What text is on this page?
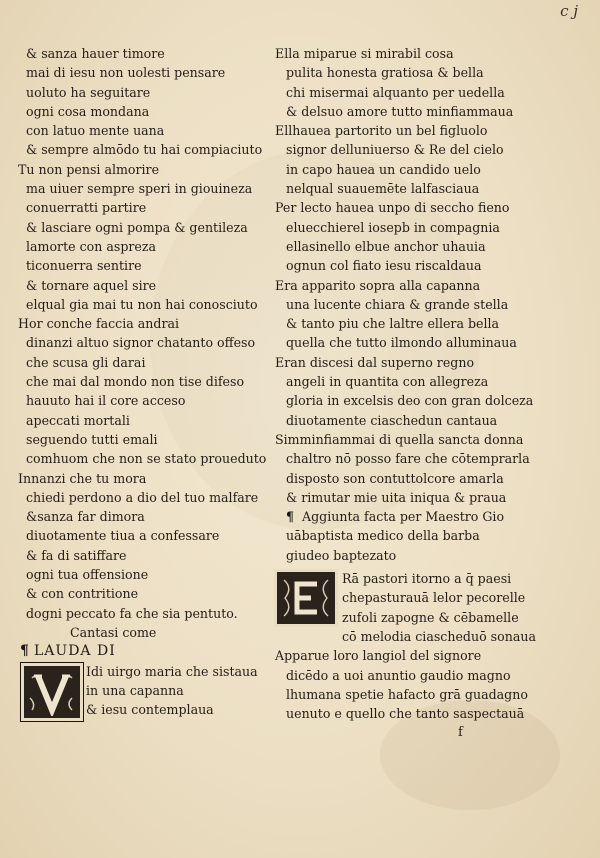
c j
& sanza hauer timore
mai di iesu non uolesti pensare
uoluto ha seguitare
ogni cosa mondana
con latuo mente uana
& sempre almōdo tu hai compiaciuto
Tu non pensi almorire
ma uiuer sempre speri in giouineza
conuerratti partire
& lasciare ogni pompa & gentileza
lamorte con aspreza
ticonuerra sentire
& tornare aquel sire
elqual gia mai tu non hai conosciuto
Hor conche faccia andrai
dinanzi altuo signor chatanto offeso
che scusa gli darai
che mai dal mondo non tise difeso
hauuto hai il core acceso
apeccati mortali
seguendo tutti emali
comhuom che non se stato proueduto
Innanzi che tu mora
chiedi perdono a dio del tuo malfare
&sanza far dimora
diuotamente tiua a confessare
& fa di satiffare
ogni tua offensione
& con contritione
dogni peccato fa che sia pentuto.
Cantasi come
¶ LAUDA DI
Idi uirgo maria che sistaua
in una capanna
& iesu contemplaua
Ella miparue si mirabil cosa
pulita honesta gratiosa & bella
chi misermai alquanto per uedella
& delsuo amore tutto minfiammaua
Ellhauea partorito un bel figluolo
signor delluniuerso & Re del cielo
in capo hauea un candido uelo
nelqual suauemēte lalfasciaua
Per lecto hauea unpo di seccho fieno
eluecchierel iosepb in compagnia
ellasinello elbue anchor uhauia
ognun col fiato iesu riscaldaua
Era apparito sopra alla capanna
una lucente chiara & grande stella
& tanto piu che laltre ellera bella
quella che tutto ilmondo alluminaua
Eran discesi dal superno regno
angeli in quantita con allegreza
gloria in excelsis deo con gran dolceza
diuotamente ciaschedun cantaua
Simminfiammai di quella sancta donna
chaltro nō posso fare che cōtemprarla
disposto son contuttolcore amarla
& rimutar mie uita iniqua & praua
¶ Aggiunta facta per Maestro Gio
uābaptista medico della barba
giudeo baptezato
Rā pastori itorno a q̄ paesi
chepasturauā lelor pecorelle
zufoli zapogne & cēbamelle
cō melodia ciascheduō sonaua
Apparue loro langiol del signore
dicēdo a uoi anuntio gaudio magno
lhumana spetie hafacto grā guadagno
uenuto e quello che tanto saspectauā
f
